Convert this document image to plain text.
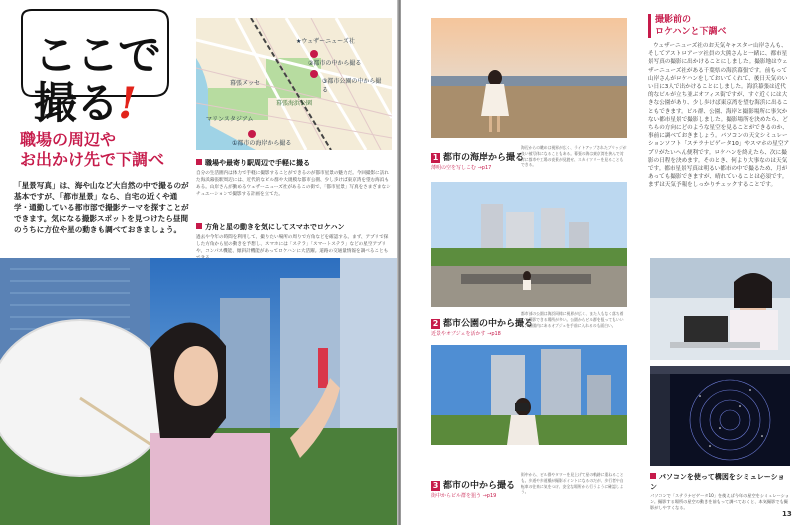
ここで
撮る!
職場の周辺や
お出かけ先で下調べ
「星景写真」は、海や山など大自然の中で撮るのが基本ですが、「都市星景」なら、自宅の近くや通学・通勤している都市部で撮影テーマを探すことができます。気になる撮影スポットを見つけたら昼間のうちに方位や星の動きも調べておきましょう。
★ウェザーニューズ社
②都市の中から撮る
③都市公園の中から撮る
幕張メッセ
幕張海浜公園
マリンスタジアム
①都市の海岸から撮る
職場や最寄り駅周辺で手軽に撮る
自分の生活圏内は体力で手軽に撮影することができるのが都市星景の魅力だ。今回撮影に訪れた海浜幕張駅周辺には、近代的なビル群や大規模な都市公園、少し歩けば東京湾を望む海浜もある。山岸さんが勤めるウェザーニューズ社があるこの街で、「都市星景」写真をさまざまなシチュエーションで撮影する計画を立てた。
方角と星の動きを気にしてスマホでロケハン
過去や今年の時間を利用して、撮りたい場所の周りで方角などを確認する。まず、アプリで探した方角から星の動きを予想し、スマホには「ステラ」「スマートステラ」などの星空アプリや、コンパス機能、傾斜計機能があってロケハンに大活躍。道路の交通量情報を調べることも
1 都市の海岸から撮る
薄明の空を写しこむ →p17
海辺からの眺めは視界が広く、ライトアップされたブリッジが良い被写体になることもある。幕張の海は東京湾を挟んで対岸に都市や工場の夜景が見渡せ、スカイツリーを見ることもできる。
2 都市公園の中から撮る
近景やオブジェを活かす →p18
都市部の公園は海浜同様に視界が広く、また人もなく落ち着いて撮影できる場所が多い。公園からビル群を狙ってもいいし、公園内にあるオブジェを手前に入れるのも面白い。
3 都市の中から撮る
街中からビル群を狙う →p19
街中から、ビル群やタワーを見上げて星の軌跡に重ねることも。歩道や歩道橋が撮影ポイントになるのだが、歩行者や自転車の往来に気をつけ、安全な場所から行うように確認しよう。
撮影前の
ロケハンと下調べ
ウェザーニューズ社のお天気キャスター山岸さんも、そしてアストロアーツ社員の大熊さんと一緒に、都市星景写真の撮影に出かけることにしました。撮影地はウェザーニューズ社がある千葉県の海浜幕張です。前もって山岸さんがロケハンをしておいてくれて、後日天気のいい日に3人で出かけることにしました。海浜幕張は近代的なビルが立ち並ぶオフィス街ですが、すぐ近くには大きな公園があり、少し歩けば東京湾を望む海浜に出ることもできます。ビル群、公園、海岸と撮影場所に事欠かない都市星景で撮影しました。撮影場所を決めたら、どちらの方向にどのような星空を見ることができるのか、事前に調べておきましょう。パソコンの天文シミュレーションソフト「ステラナビゲータ10」やスマホの星空アプリがたいへん便利です。ロケハンを終えたら、次に撮影の日程を決めます。そのとき、何より大事なのは天気です。都市星景写真は明るい都市の中で撮るため、月があっても撮影できますが、晴れていることは必須です。まずは天気予報をしっかりチェックすることです。
パソコンを使って構図をシミュレーション
パソコンで「ステラナビゲータ10」を使えば今年の星空をシミュレーション。撮影する場所の星空の動きを前もって調べておくと、本気撮影でも撮影がしやすくなる。
13
